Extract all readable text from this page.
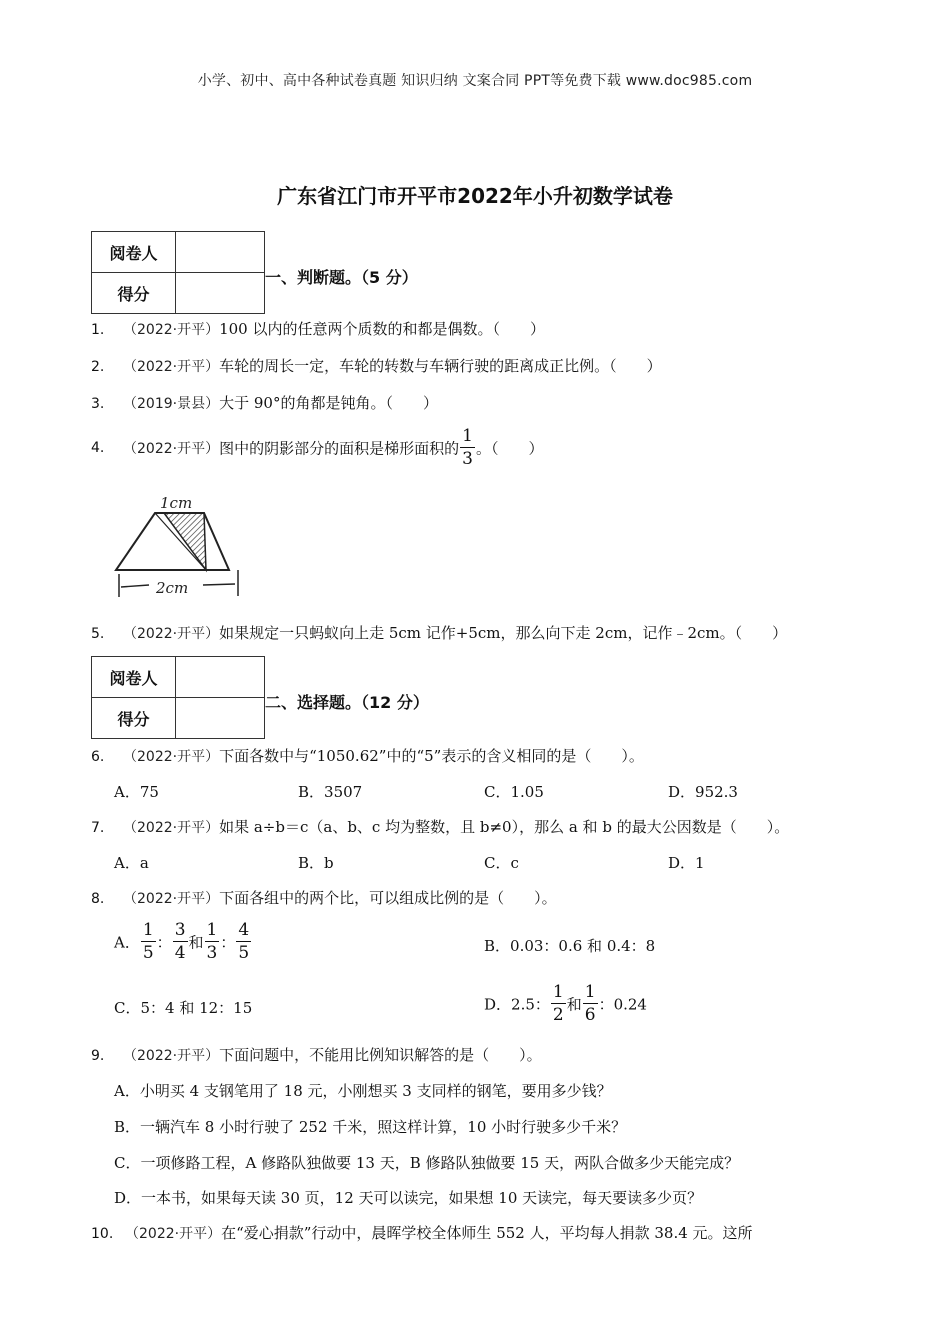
小学、初中、高中各种试卷真题 知识归纳 文案合同 PPT等免费下载 www.doc985.com
广东省江门市开平市2022年小升初数学试卷
阅卷人	
得分	
一、判断题。（5 分）
1. （2022·开平）100 以内的任意两个质数的和都是偶数。（　　）
2. （2022·开平）车轮的周长一定，车轮的转数与车辆行驶的距离成正比例。（　　）
3. （2019·景县）大于 90°的角都是钝角。（　　）
4. （2022·开平）图中的阴影部分的面积是梯形面积的 $\frac{1}{3}$ 。（　　）
1cm
2cm
5. （2022·开平）如果规定一只蚂蚁向上走 5cm 记作+5cm，那么向下走 2cm，记作﹣2cm。（　　）
阅卷人	
得分	
二、选择题。（12 分）
6. （2022·开平）下面各数中与“1050.62”中的“5”表示的含义相同的是（　　）。
A．75	B．3507	C．1.05	D．952.3
7. （2022·开平）如果 a÷b＝c（a、b、c 均为整数，且 b≠0），那么 a 和 b 的最大公因数是（　　）。
A．a	B．b	C．c	D．1
8. （2022·开平）下面各组中的两个比，可以组成比例的是（　　）。
A． $\frac{1}{5}$ ： $\frac{3}{4}$ 和 $\frac{1}{3}$ ： $\frac{4}{5}$	B．0.03：0.6 和 0.4：8
C．5：4 和 12：15	D．2.5： $\frac{1}{2}$ 和 $\frac{1}{6}$ ：0.24
9. （2022·开平）下面问题中，不能用比例知识解答的是（　　）。
A．小明买 4 支钢笔用了 18 元，小刚想买 3 支同样的钢笔，要用多少钱？
B．一辆汽车 8 小时行驶了 252 千米，照这样计算，10 小时行驶多少千米？
C．一项修路工程，A 修路队独做要 13 天，B 修路队独做要 15 天，两队合做多少天能完成？
D．一本书，如果每天读 30 页，12 天可以读完，如果想 10 天读完，每天要读多少页？
10. （2022·开平）在“爱心捐款”行动中，晨晖学校全体师生 552 人，平均每人捐款 38.4 元。这所
